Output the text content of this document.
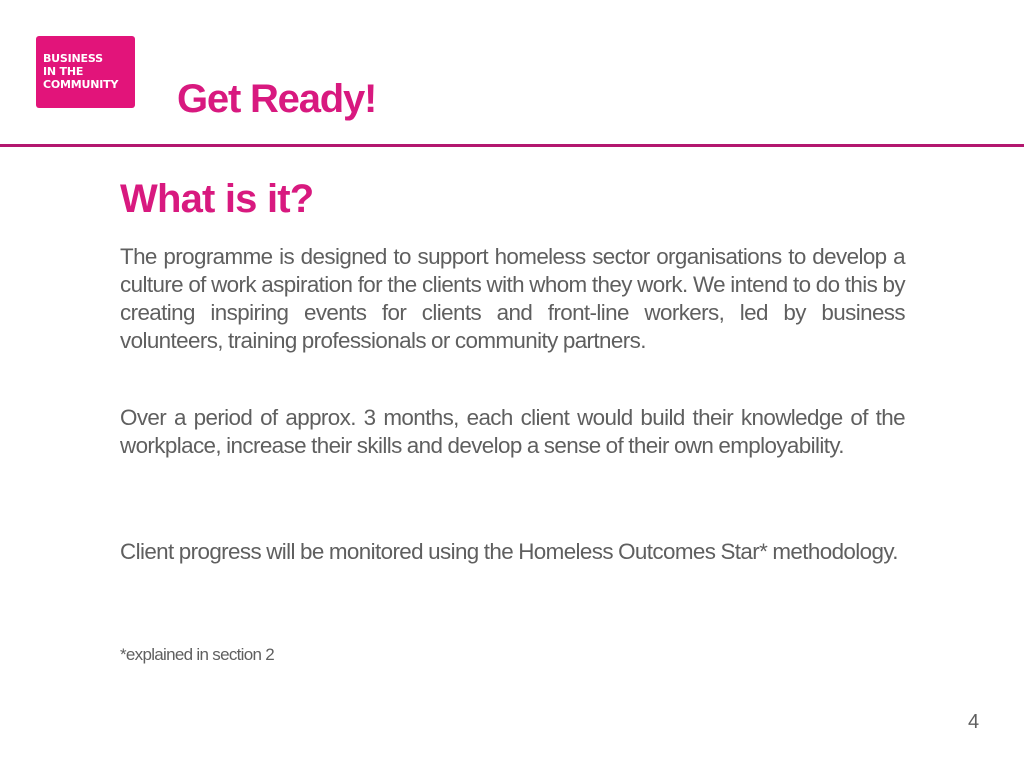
BUSINESS
IN THE
COMMUNITY	Get Ready!
What is it?

The programme is designed to support homeless sector organisations to develop a culture of work aspiration for the clients with whom they work. We intend to do this by creating inspiring events for clients and front-line workers, led by business volunteers, training professionals or community partners.

Over a period of approx. 3 months, each client would build their knowledge of the workplace, increase their skills and develop a sense of their own employability.

Client progress will be monitored using the Homeless Outcomes Star* methodology.

*explained in section 2

4
